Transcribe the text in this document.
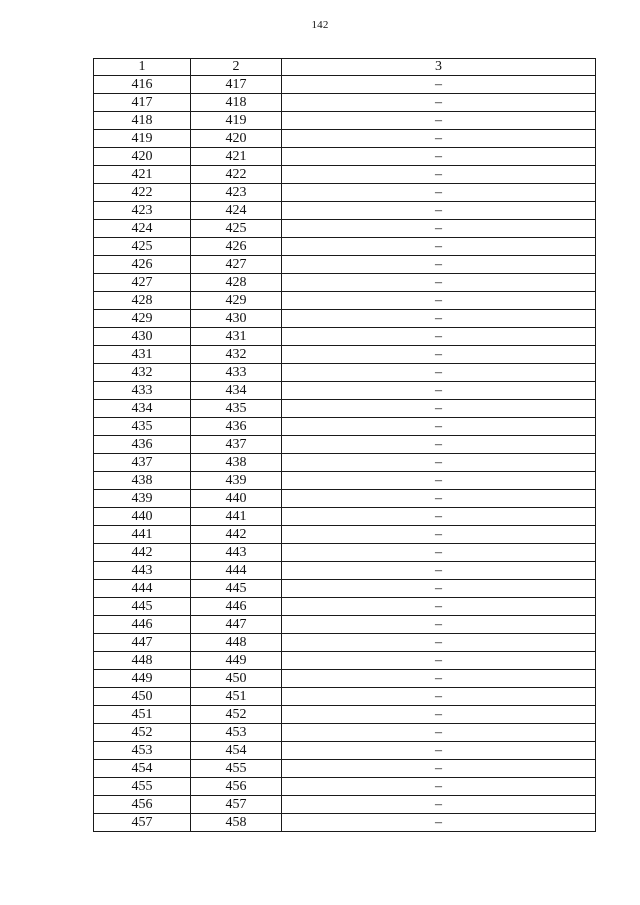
142
1	2	3
416	417	–
417	418	–
418	419	–
419	420	–
420	421	–
421	422	–
422	423	–
423	424	–
424	425	–
425	426	–
426	427	–
427	428	–
428	429	–
429	430	–
430	431	–
431	432	–
432	433	–
433	434	–
434	435	–
435	436	–
436	437	–
437	438	–
438	439	–
439	440	–
440	441	–
441	442	–
442	443	–
443	444	–
444	445	–
445	446	–
446	447	–
447	448	–
448	449	–
449	450	–
450	451	–
451	452	–
452	453	–
453	454	–
454	455	–
455	456	–
456	457	–
457	458	–
